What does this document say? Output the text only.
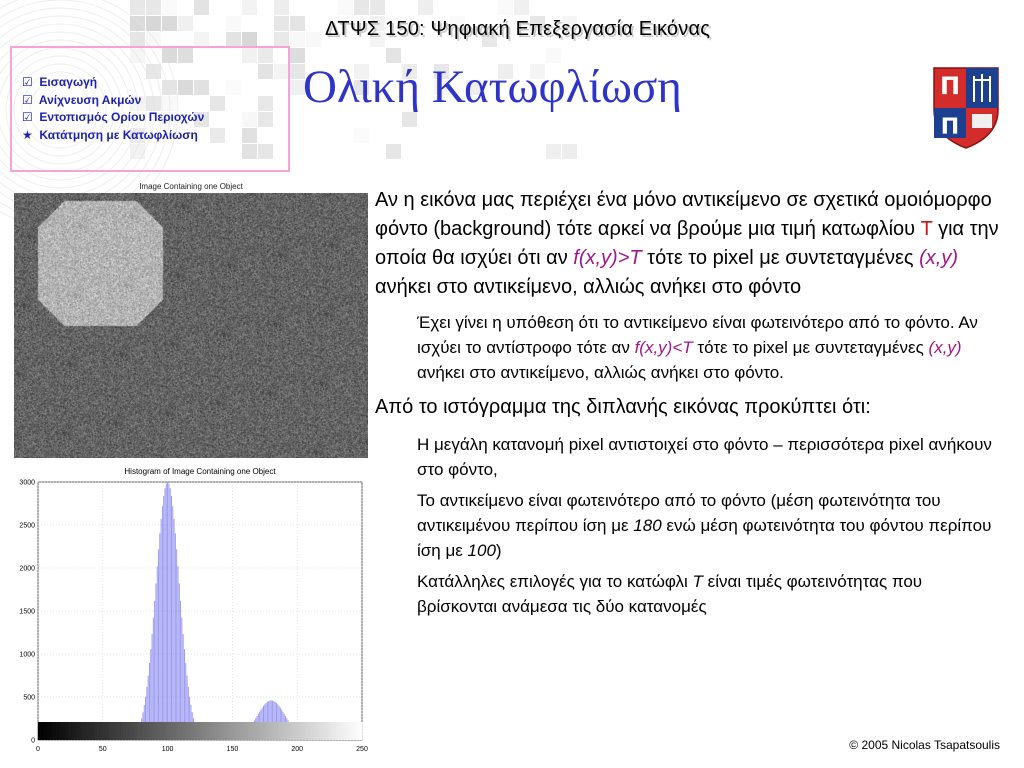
ΔΤΨΣ 150: Ψηφιακή Επεξεργασία Εικόνας
Ολική Κατωφλίωση
☑ Εισαγωγή
☑ Ανίχνευση Ακμών
☑ Εντοπισμός Ορίου Περιοχών
★ Κατάτμηση με Κατωφλίωση
Π
Π
Image Containing one Object
Histogram of Image Containing one Object
0	50	100	150	200	250
0
500
1000
1500
2000
2500
3000
Αν η εικόνα μας περιέχει ένα μόνο αντικείμενο σε σχετικά ομοιόμορφο φόντο (background) τότε αρκεί να βρούμε μια τιμή κατωφλίου T για την οποία θα ισχύει ότι αν f(x,y)>T τότε το pixel με συντεταγμένες (x,y) ανήκει στο αντικείμενο, αλλιώς ανήκει στο φόντο
Έχει γίνει η υπόθεση ότι το αντικείμενο είναι φωτεινότερο από το φόντο. Αν ισχύει το αντίστροφο τότε αν f(x,y)<T τότε το pixel με συντεταγμένες (x,y) ανήκει στο αντικείμενο, αλλιώς ανήκει στο φόντο.
Από το ιστόγραμμα της διπλανής εικόνας προκύπτει ότι:
Η μεγάλη κατανομή pixel αντιστοιχεί στο φόντο – περισσότερα pixel ανήκουν στο φόντο,
Το αντικείμενο είναι φωτεινότερο από το φόντο (μέση φωτεινότητα του αντικειμένου περίπου ίση με 180 ενώ μέση φωτεινότητα του φόντου περίπου ίση με 100)
Κατάλληλες επιλογές για το κατώφλι T είναι τιμές φωτεινότητας που βρίσκονται ανάμεσα τις δύο κατανομές
© 2005 Nicolas Tsapatsoulis
